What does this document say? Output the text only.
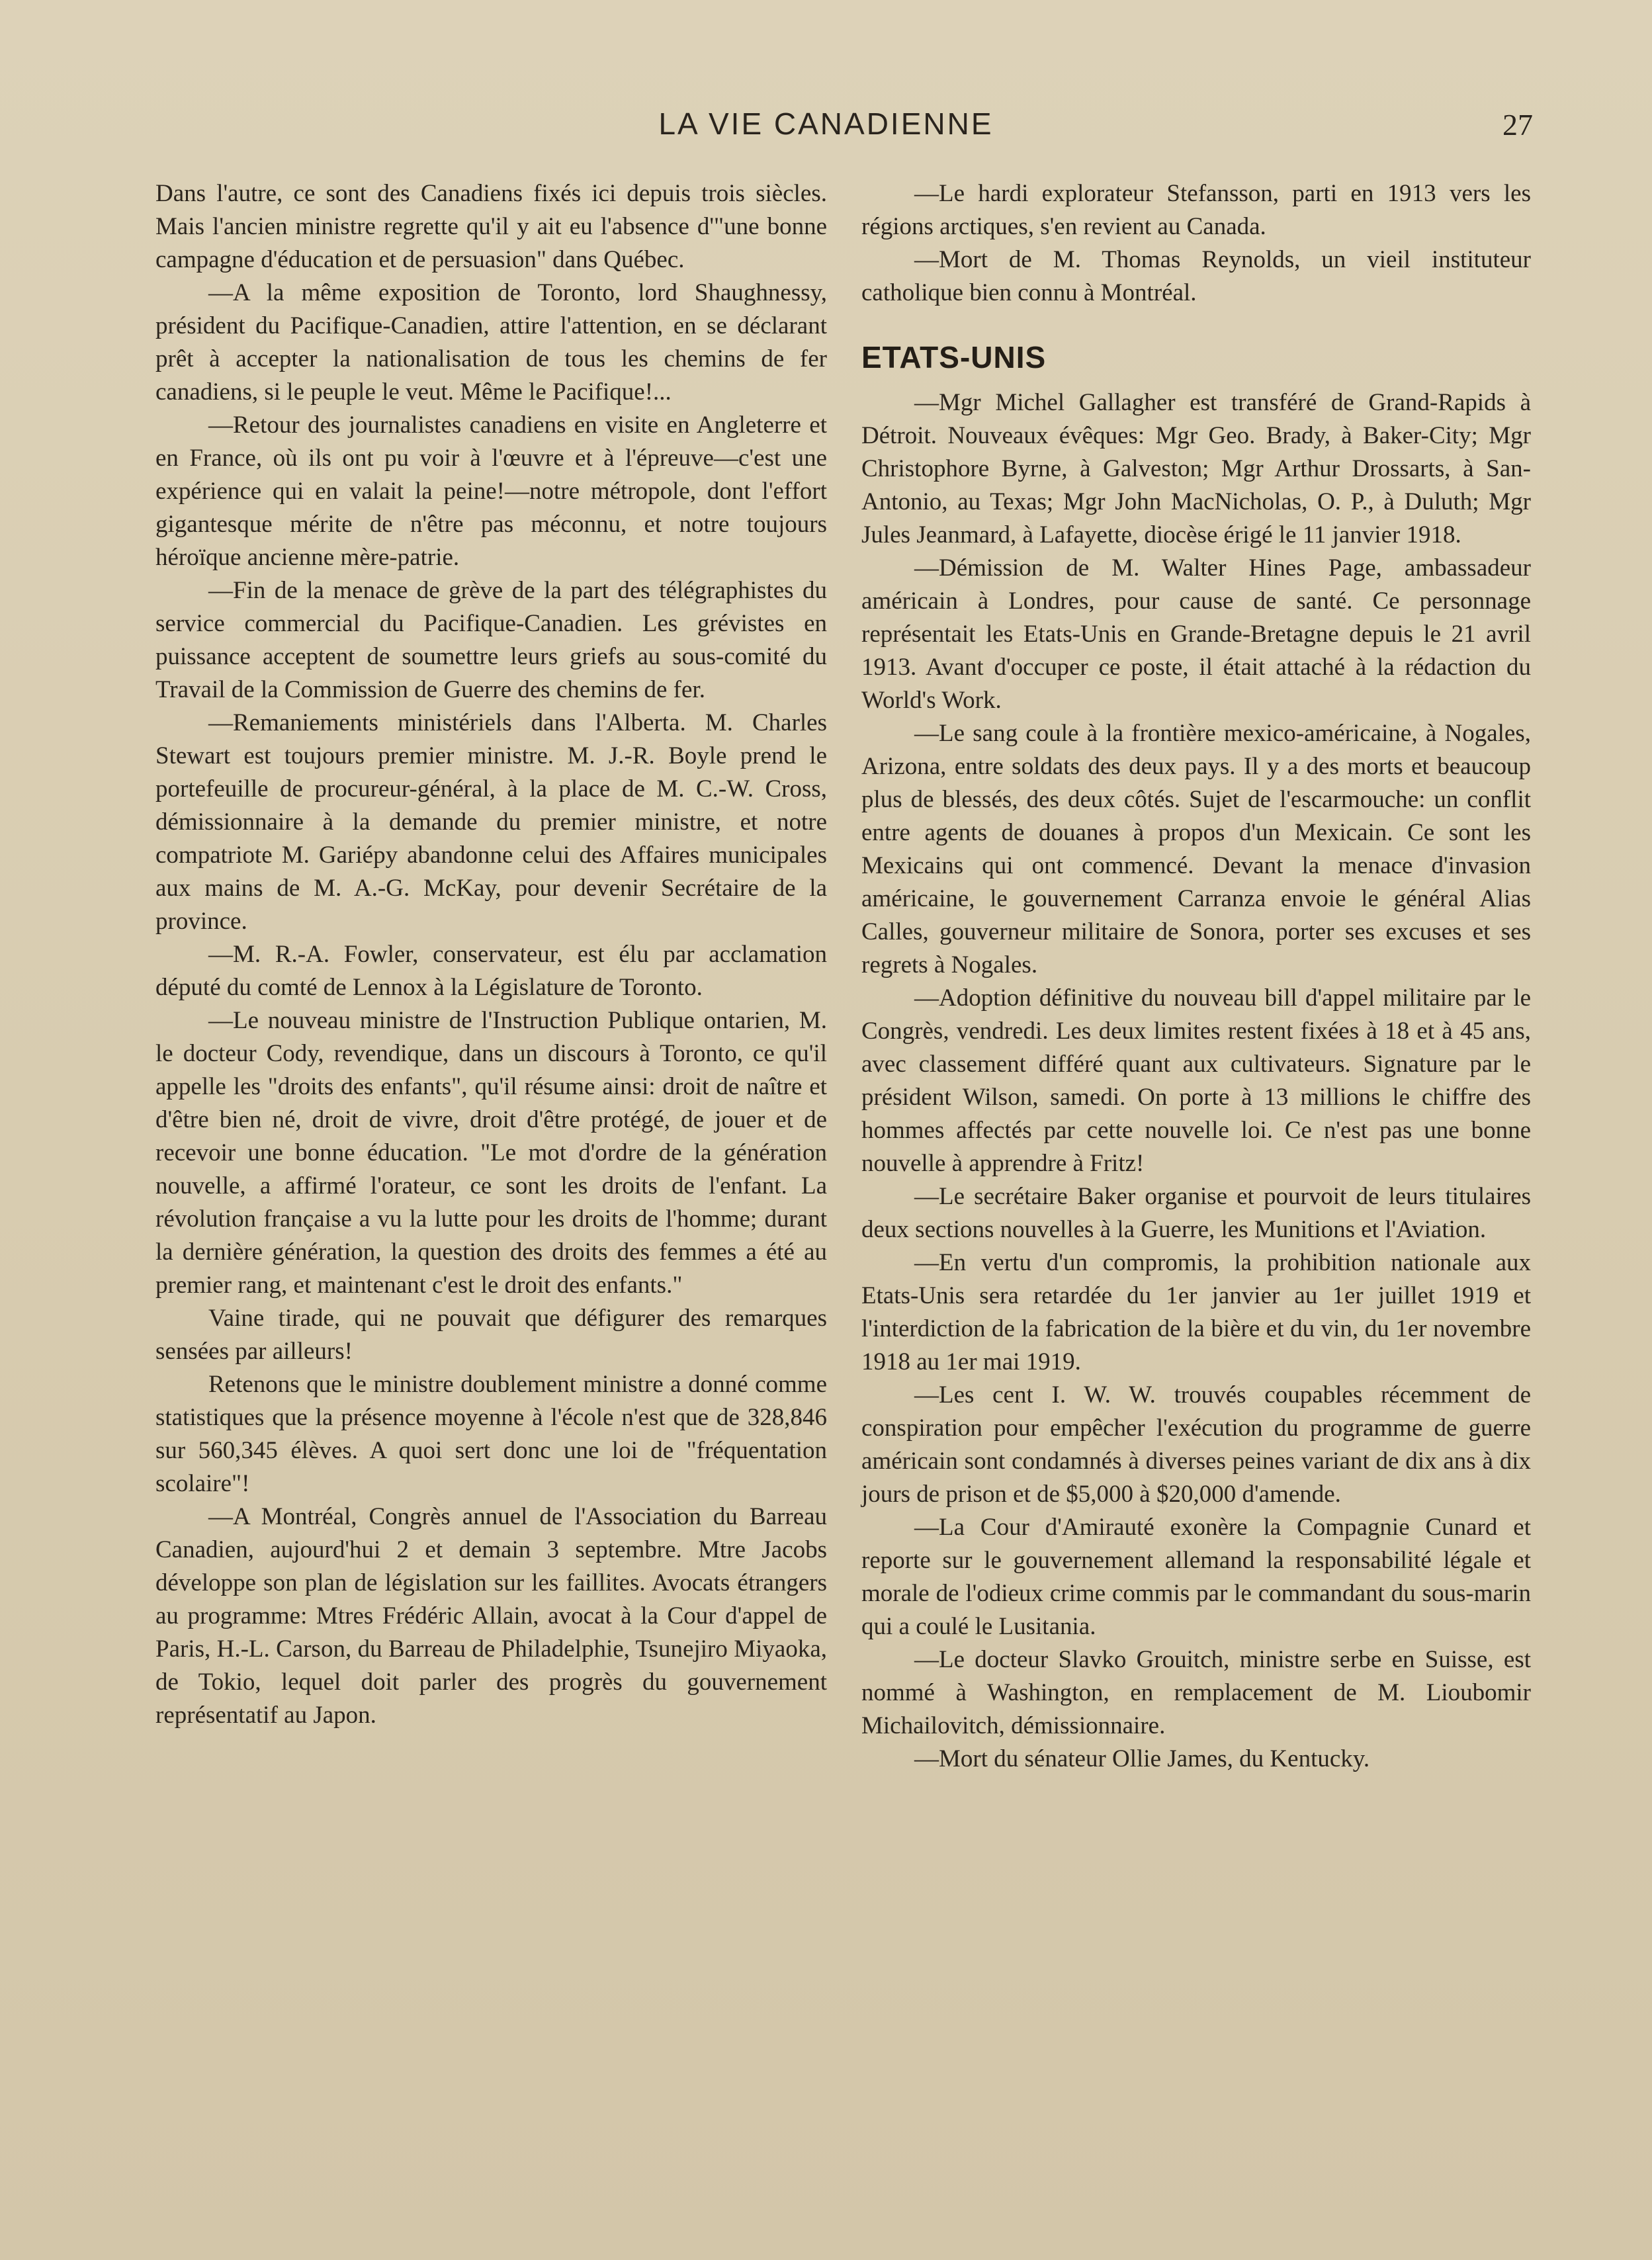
LA VIE CANADIENNE	27

Dans l'autre, ce sont des Canadiens fixés ici depuis trois siècles. Mais l'ancien ministre regrette qu'il y ait eu l'absence d'"une bonne campagne d'éducation et de persuasion" dans Québec.

—A la même exposition de Toronto, lord Shaughnessy, président du Pacifique-Canadien, attire l'attention, en se déclarant prêt à accepter la nationalisation de tous les chemins de fer canadiens, si le peuple le veut. Même le Pacifique!...

—Retour des journalistes canadiens en visite en Angleterre et en France, où ils ont pu voir à l'œuvre et à l'épreuve—c'est une expérience qui en valait la peine!—notre métropole, dont l'effort gigantesque mérite de n'être pas méconnu, et notre toujours héroïque ancienne mère-patrie.

—Fin de la menace de grève de la part des télégraphistes du service commercial du Pacifique-Canadien. Les grévistes en puissance acceptent de soumettre leurs griefs au sous-comité du Travail de la Commission de Guerre des chemins de fer.

—Remaniements ministériels dans l'Alberta. M. Charles Stewart est toujours premier ministre. M. J.-R. Boyle prend le portefeuille de procureur-général, à la place de M. C.-W. Cross, démissionnaire à la demande du premier ministre, et notre compatriote M. Gariépy abandonne celui des Affaires municipales aux mains de M. A.-G. McKay, pour devenir Secrétaire de la province.

—M. R.-A. Fowler, conservateur, est élu par acclamation député du comté de Lennox à la Législature de Toronto.

—Le nouveau ministre de l'Instruction Publique ontarien, M. le docteur Cody, revendique, dans un discours à Toronto, ce qu'il appelle les "droits des enfants", qu'il résume ainsi: droit de naître et d'être bien né, droit de vivre, droit d'être protégé, de jouer et de recevoir une bonne éducation. "Le mot d'ordre de la génération nouvelle, a affirmé l'orateur, ce sont les droits de l'enfant. La révolution française a vu la lutte pour les droits de l'homme; durant la dernière génération, la question des droits des femmes a été au premier rang, et maintenant c'est le droit des enfants."

Vaine tirade, qui ne pouvait que défigurer des remarques sensées par ailleurs!

Retenons que le ministre doublement ministre a donné comme statistiques que la présence moyenne à l'école n'est que de 328,846 sur 560,345 élèves. A quoi sert donc une loi de "fréquentation scolaire"!

—A Montréal, Congrès annuel de l'Association du Barreau Canadien, aujourd'hui 2 et demain 3 septembre. Mtre Jacobs développe son plan de législation sur les faillites. Avocats étrangers au programme: Mtres Frédéric Allain, avocat à la Cour d'appel de Paris, H.-L. Carson, du Barreau de Philadelphie, Tsunejiro Miyaoka, de Tokio, lequel doit parler des progrès du gouvernement représentatif au Japon.

—Le hardi explorateur Stefansson, parti en 1913 vers les régions arctiques, s'en revient au Canada.

—Mort de M. Thomas Reynolds, un vieil instituteur catholique bien connu à Montréal.

ETATS-UNIS

—Mgr Michel Gallagher est transféré de Grand-Rapids à Détroit. Nouveaux évêques: Mgr Geo. Brady, à Baker-City; Mgr Christophore Byrne, à Galveston; Mgr Arthur Drossarts, à San-Antonio, au Texas; Mgr John MacNicholas, O. P., à Duluth; Mgr Jules Jeanmard, à Lafayette, diocèse érigé le 11 janvier 1918.

—Démission de M. Walter Hines Page, ambassadeur américain à Londres, pour cause de santé. Ce personnage représentait les Etats-Unis en Grande-Bretagne depuis le 21 avril 1913. Avant d'occuper ce poste, il était attaché à la rédaction du World's Work.

—Le sang coule à la frontière mexico-américaine, à Nogales, Arizona, entre soldats des deux pays. Il y a des morts et beaucoup plus de blessés, des deux côtés. Sujet de l'escarmouche: un conflit entre agents de douanes à propos d'un Mexicain. Ce sont les Mexicains qui ont commencé. Devant la menace d'invasion américaine, le gouvernement Carranza envoie le général Alias Calles, gouverneur militaire de Sonora, porter ses excuses et ses regrets à Nogales.

—Adoption définitive du nouveau bill d'appel militaire par le Congrès, vendredi. Les deux limites restent fixées à 18 et à 45 ans, avec classement différé quant aux cultivateurs. Signature par le président Wilson, samedi. On porte à 13 millions le chiffre des hommes affectés par cette nouvelle loi. Ce n'est pas une bonne nouvelle à apprendre à Fritz!

—Le secrétaire Baker organise et pourvoit de leurs titulaires deux sections nouvelles à la Guerre, les Munitions et l'Aviation.

—En vertu d'un compromis, la prohibition nationale aux Etats-Unis sera retardée du 1er janvier au 1er juillet 1919 et l'interdiction de la fabrication de la bière et du vin, du 1er novembre 1918 au 1er mai 1919.

—Les cent I. W. W. trouvés coupables récemment de conspiration pour empêcher l'exécution du programme de guerre américain sont condamnés à diverses peines variant de dix ans à dix jours de prison et de $5,000 à $20,000 d'amende.

—La Cour d'Amirauté exonère la Compagnie Cunard et reporte sur le gouvernement allemand la responsabilité légale et morale de l'odieux crime commis par le commandant du sous-marin qui a coulé le Lusitania.

—Le docteur Slavko Grouitch, ministre serbe en Suisse, est nommé à Washington, en remplacement de M. Lioubomir Michailovitch, démissionnaire.

—Mort du sénateur Ollie James, du Kentucky.
